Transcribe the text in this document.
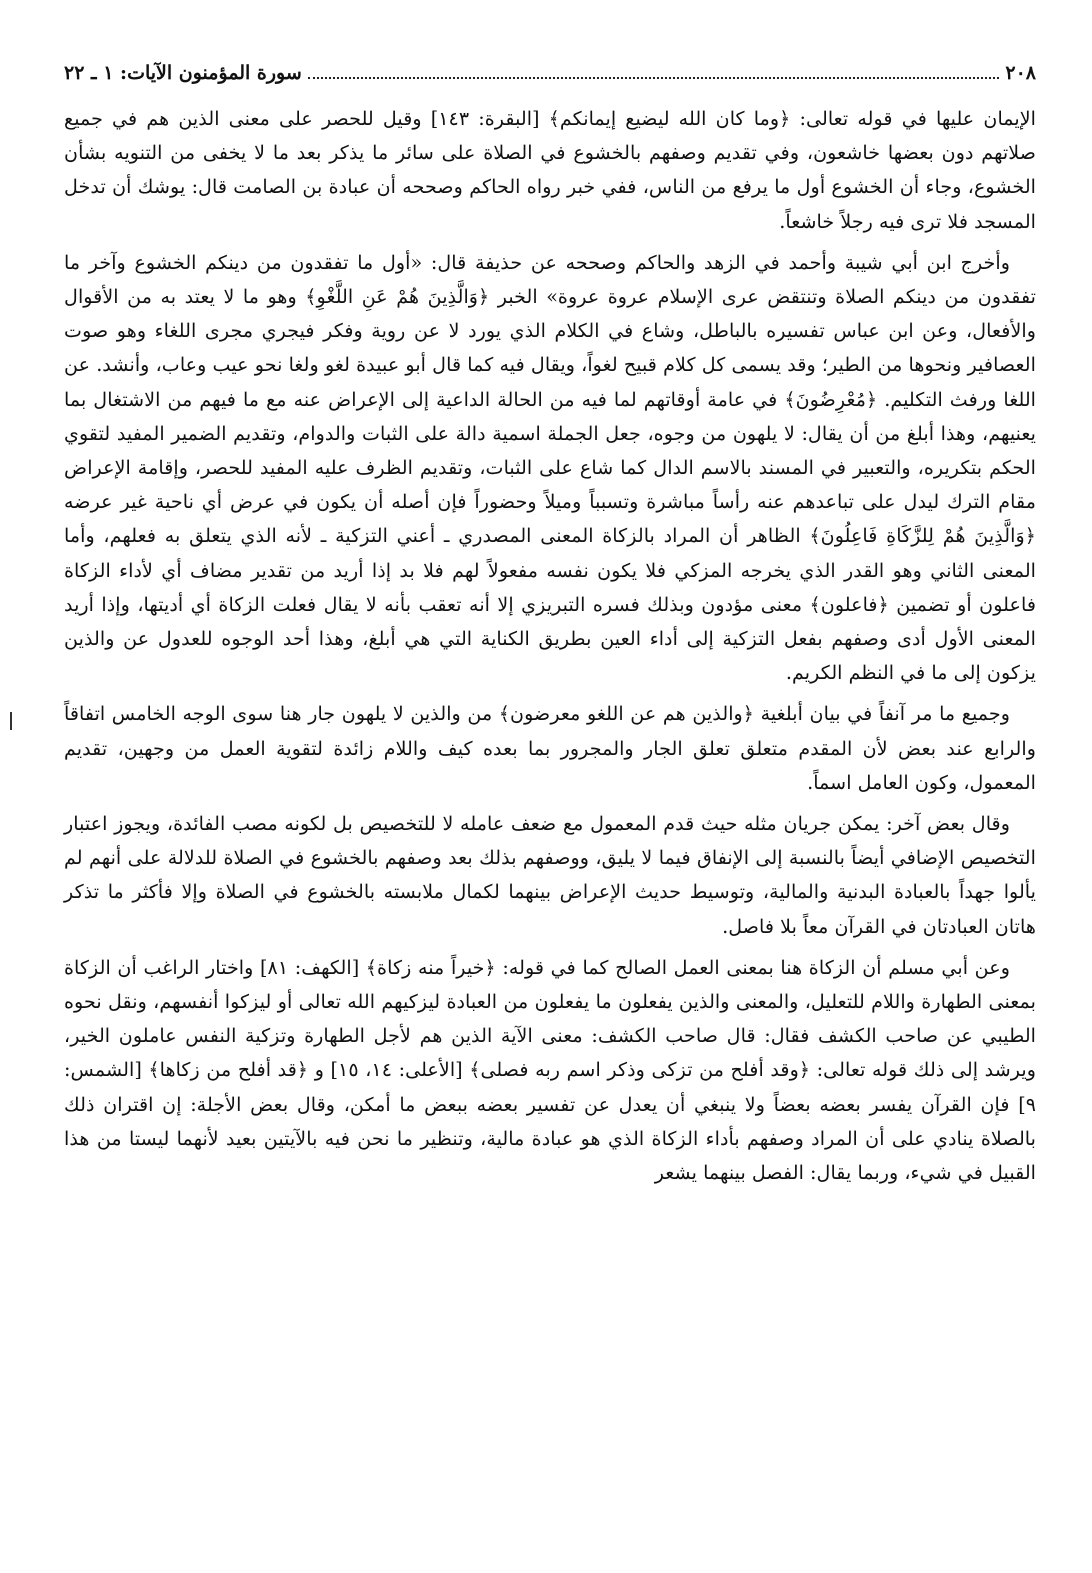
٢٠٨
سورة المؤمنون الآيات: ١ ـ ٢٢

الإيمان عليها في قوله تعالى: ﴿وما كان الله ليضيع إيمانكم﴾ [البقرة: ١٤٣] وقيل للحصر على معنى الذين هم في جميع صلاتهم دون بعضها خاشعون، وفي تقديم وصفهم بالخشوع في الصلاة على سائر ما يذكر بعد ما لا يخفى من التنويه بشأن الخشوع، وجاء أن الخشوع أول ما يرفع من الناس، ففي خبر رواه الحاكم وصححه أن عبادة بن الصامت قال: يوشك أن تدخل المسجد فلا ترى فيه رجلاً خاشعاً.

وأخرج ابن أبي شيبة وأحمد في الزهد والحاكم وصححه عن حذيفة قال: «أول ما تفقدون من دينكم الخشوع وآخر ما تفقدون من دينكم الصلاة وتنتقض عرى الإسلام عروة عروة» الخبر ﴿وَالَّذِينَ هُمْ عَنِ اللَّغْوِ﴾ وهو ما لا يعتد به من الأقوال والأفعال، وعن ابن عباس تفسيره بالباطل، وشاع في الكلام الذي يورد لا عن روية وفكر فيجري مجرى اللغاء وهو صوت العصافير ونحوها من الطير؛ وقد يسمى كل كلام قبيح لغواً، ويقال فيه كما قال أبو عبيدة لغو ولغا نحو عيب وعاب، وأنشد. عن اللغا ورفث التكليم. ﴿مُعْرِضُونَ﴾ في عامة أوقاتهم لما فيه من الحالة الداعية إلى الإعراض عنه مع ما فيهم من الاشتغال بما يعنيهم، وهذا أبلغ من أن يقال: لا يلهون من وجوه، جعل الجملة اسمية دالة على الثبات والدوام، وتقديم الضمير المفيد لتقوي الحكم بتكريره، والتعبير في المسند بالاسم الدال كما شاع على الثبات، وتقديم الظرف عليه المفيد للحصر، وإقامة الإعراض مقام الترك ليدل على تباعدهم عنه رأساً مباشرة وتسبباً وميلاً وحضوراً فإن أصله أن يكون في عرض أي ناحية غير عرضه ﴿وَالَّذِينَ هُمْ لِلزَّكَاةِ فَاعِلُونَ﴾ الظاهر أن المراد بالزكاة المعنى المصدري ـ أعني التزكية ـ لأنه الذي يتعلق به فعلهم، وأما المعنى الثاني وهو القدر الذي يخرجه المزكي فلا يكون نفسه مفعولاً لهم فلا بد إذا أريد من تقدير مضاف أي لأداء الزكاة فاعلون أو تضمين ﴿فاعلون﴾ معنى مؤدون وبذلك فسره التبريزي إلا أنه تعقب بأنه لا يقال فعلت الزكاة أي أديتها، وإذا أريد المعنى الأول أدى وصفهم بفعل التزكية إلى أداء العين بطريق الكناية التي هي أبلغ، وهذا أحد الوجوه للعدول عن والذين يزكون إلى ما في النظم الكريم.

وجميع ما مر آنفاً في بيان أبلغية ﴿والذين هم عن اللغو معرضون﴾ من والذين لا يلهون جار هنا سوى الوجه الخامس اتفاقاً والرابع عند بعض لأن المقدم متعلق تعلق الجار والمجرور بما بعده كيف واللام زائدة لتقوية العمل من وجهين، تقديم المعمول، وكون العامل اسماً.

وقال بعض آخر: يمكن جريان مثله حيث قدم المعمول مع ضعف عامله لا للتخصيص بل لكونه مصب الفائدة، ويجوز اعتبار التخصيص الإضافي أيضاً بالنسبة إلى الإنفاق فيما لا يليق، ووصفهم بذلك بعد وصفهم بالخشوع في الصلاة للدلالة على أنهم لم يألوا جهداً بالعبادة البدنية والمالية، وتوسيط حديث الإعراض بينهما لكمال ملابسته بالخشوع في الصلاة وإلا فأكثر ما تذكر هاتان العبادتان في القرآن معاً بلا فاصل.

وعن أبي مسلم أن الزكاة هنا بمعنى العمل الصالح كما في قوله: ﴿خيراً منه زكاة﴾ [الكهف: ٨١] واختار الراغب أن الزكاة بمعنى الطهارة واللام للتعليل، والمعنى والذين يفعلون ما يفعلون من العبادة ليزكيهم الله تعالى أو ليزكوا أنفسهم، ونقل نحوه الطيبي عن صاحب الكشف فقال: قال صاحب الكشف: معنى الآية الذين هم لأجل الطهارة وتزكية النفس عاملون الخير، ويرشد إلى ذلك قوله تعالى: ﴿وقد أفلح من تزكى وذكر اسم ربه فصلى﴾ [الأعلى: ١٤، ١٥] و ﴿قد أفلح من زكاها﴾ [الشمس: ٩] فإن القرآن يفسر بعضه بعضاً ولا ينبغي أن يعدل عن تفسير بعضه ببعض ما أمكن، وقال بعض الأجلة: إن اقتران ذلك بالصلاة ينادي على أن المراد وصفهم بأداء الزكاة الذي هو عبادة مالية، وتنظير ما نحن فيه بالآيتين بعيد لأنهما ليستا من هذا القبيل في شيء، وربما يقال: الفصل بينهما يشعر
